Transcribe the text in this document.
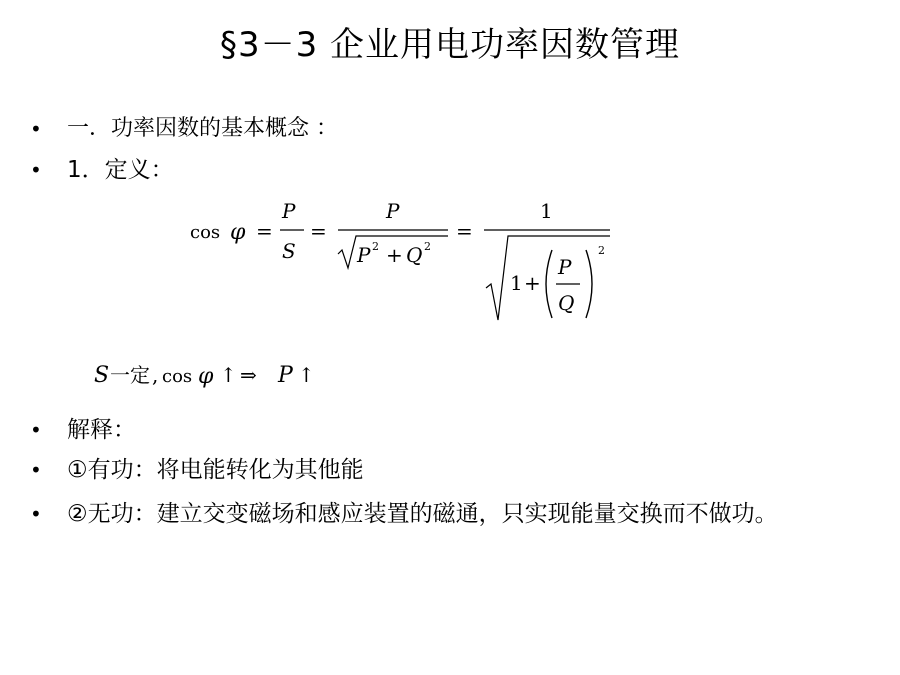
§3－3 企业用电功率因数管理
•	一．功率因数的基本概念 ：
•	1．定义：
•	解释：
•	①有功：将电能转化为其他能
•	②无功：建立交变磁场和感应装置的磁通，只实现能量交换而不做功。
cos φ =
P
S
=
P
P 2 + Q 2
=
1
1 +
P
Q
2
S 一定 , cos φ ↑ ⇒ P ↑
